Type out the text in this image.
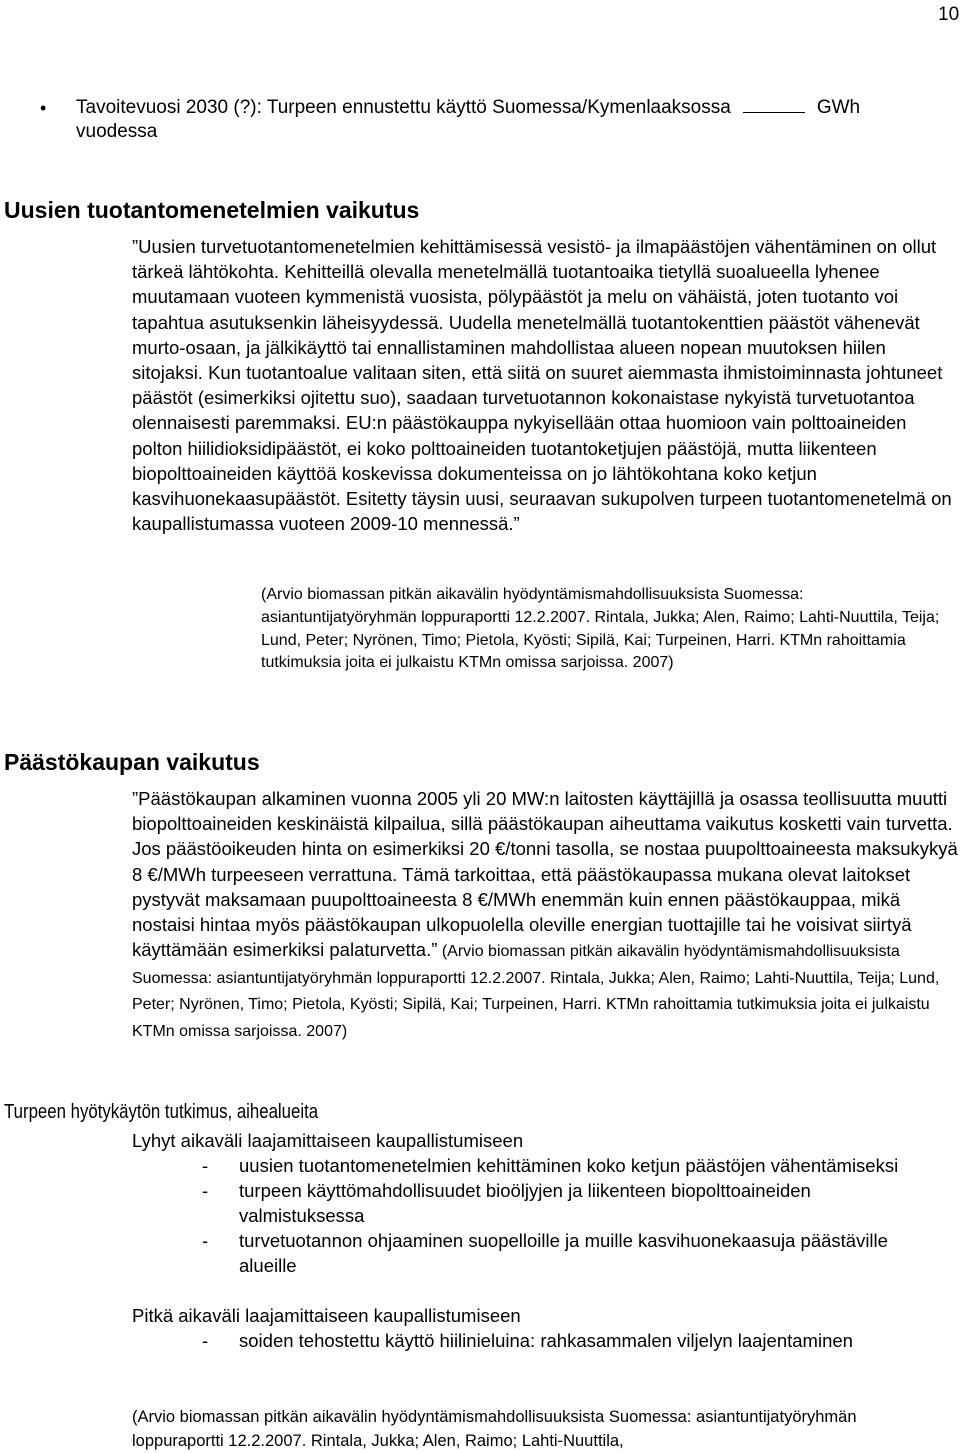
10
• Tavoitevuosi 2030 (?): Turpeen ennustettu käyttö Suomessa/Kymenlaaksossa	GWh
vuodessa
Uusien tuotantomenetelmien vaikutus
”Uusien turvetuotantomenetelmien kehittämisessä vesistö- ja ilmapäästöjen vähentäminen on ollut tärkeä lähtökohta. Kehitteillä olevalla menetelmällä tuotantoaika tietyllä suoalueella lyhenee muutamaan vuoteen kymmenistä vuosista, pölypäästöt ja melu on vähäistä, joten tuotanto voi tapahtua asutuksenkin läheisyydessä. Uudella menetelmällä tuotantokenttien päästöt vähenevät murto-osaan, ja jälkikäyttö tai ennallistaminen mahdollistaa alueen nopean muutoksen hiilen sitojaksi. Kun tuotantoalue valitaan siten, että siitä on suuret aiemmasta ihmistoiminnasta johtuneet päästöt (esimerkiksi ojitettu suo), saadaan turvetuotannon kokonaistase nykyistä turvetuotantoa olennaisesti paremmaksi. EU:n päästökauppa nykyisellään ottaa huomioon vain polttoaineiden polton hiilidioksidipäästöt, ei koko polttoaineiden tuotantoketjujen päästöjä, mutta liikenteen biopolttoaineiden käyttöä koskevissa dokumenteissa on jo lähtökohtana koko ketjun kasvihuonekaasupäästöt. Esitetty täysin uusi, seuraavan sukupolven turpeen tuotantomenetelmä on kaupallistumassa vuoteen 2009-10 mennessä.”
(Arvio biomassan pitkän aikavälin hyödyntämismahdollisuuksista Suomessa: asiantuntijatyöryhmän loppuraportti 12.2.2007. Rintala, Jukka; Alen, Raimo; Lahti-Nuuttila, Teija; Lund, Peter; Nyrönen, Timo; Pietola, Kyösti; Sipilä, Kai; Turpeinen, Harri. KTMn rahoittamia tutkimuksia joita ei julkaistu KTMn omissa sarjoissa. 2007)
Päästökaupan vaikutus
”Päästökaupan alkaminen vuonna 2005 yli 20 MW:n laitosten käyttäjillä ja osassa teollisuutta muutti biopolttoaineiden keskinäistä kilpailua, sillä päästökaupan aiheuttama vaikutus kosketti vain turvetta. Jos päästöoikeuden hinta on esimerkiksi 20 €/tonni tasolla, se nostaa puupolttoaineesta maksukykyä 8 €/MWh turpeeseen verrattuna. Tämä tarkoittaa, että päästökaupassa mukana olevat laitokset pystyvät maksamaan puupolttoaineesta 8 €/MWh enemmän kuin ennen päästökauppaa, mikä nostaisi hintaa myös päästökaupan ulkopuolella oleville energian tuottajille tai he voisivat siirtyä käyttämään esimerkiksi palaturvetta.” (Arvio biomassan pitkän aikavälin hyödyntämismahdollisuuksista Suomessa: asiantuntijatyöryhmän loppuraportti 12.2.2007. Rintala, Jukka; Alen, Raimo; Lahti-Nuuttila, Teija; Lund, Peter; Nyrönen, Timo; Pietola, Kyösti; Sipilä, Kai; Turpeinen, Harri. KTMn rahoittamia tutkimuksia joita ei julkaistu KTMn omissa sarjoissa. 2007)
Turpeen hyötykäytön tutkimus, aihealueita
Lyhyt aikaväli laajamittaiseen kaupallistumiseen
- uusien tuotantomenetelmien kehittäminen koko ketjun päästöjen vähentämiseksi
- turpeen käyttömahdollisuudet bioöljyjen ja liikenteen biopolttoaineiden valmistuksessa
- turvetuotannon ohjaaminen suopelloille ja muille kasvihuonekaasuja päästäville alueille
Pitkä aikaväli laajamittaiseen kaupallistumiseen
- soiden tehostettu käyttö hiilinieluina: rahkasammalen viljelyn laajentaminen
(Arvio biomassan pitkän aikavälin hyödyntämismahdollisuuksista Suomessa: asiantuntijatyöryhmän loppuraportti 12.2.2007. Rintala, Jukka; Alen, Raimo; Lahti-Nuuttila,
